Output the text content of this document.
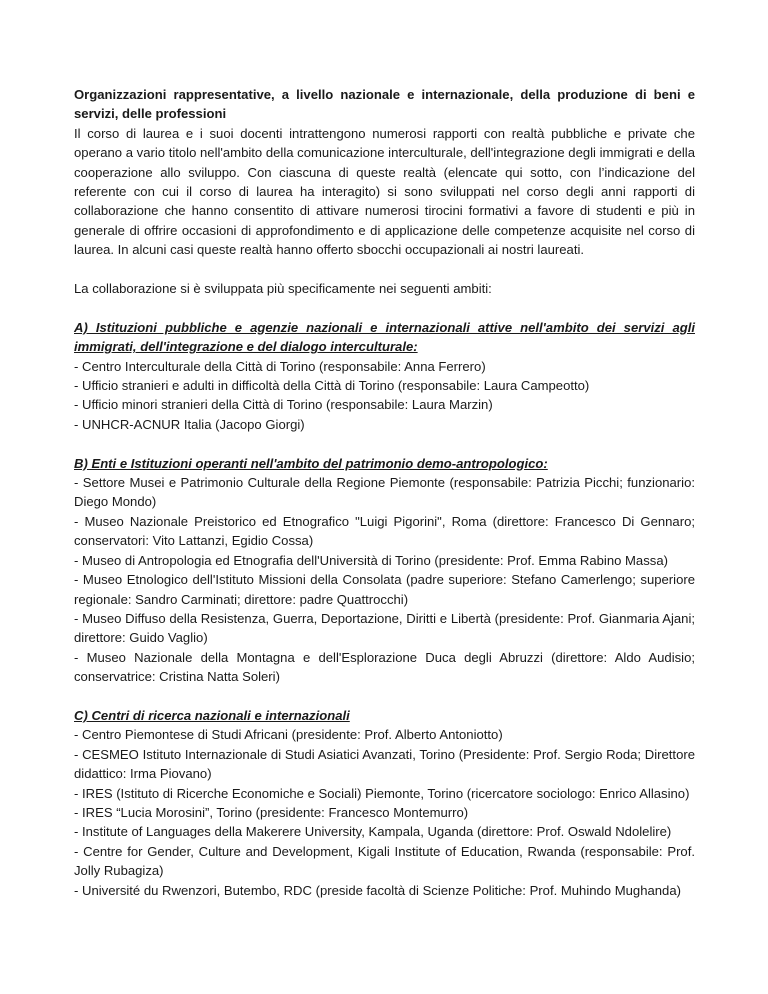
Organizzazioni rappresentative, a livello nazionale e internazionale, della produzione di beni e servizi, delle professioni

Il corso di laurea e i suoi docenti intrattengono numerosi rapporti con realtà pubbliche e private che operano a vario titolo nell'ambito della comunicazione interculturale, dell'integrazione degli immigrati e della cooperazione allo sviluppo. Con ciascuna di queste realtà (elencate qui sotto, con l’indicazione del referente con cui il corso di laurea ha interagito) si sono sviluppati nel corso degli anni rapporti di collaborazione che hanno consentito di attivare numerosi tirocini formativi a favore di studenti e più in generale di offrire occasioni di approfondimento e di applicazione delle competenze acquisite nel corso di laurea. In alcuni casi queste realtà hanno offerto sbocchi occupazionali ai nostri laureati.

La collaborazione si è sviluppata più specificamente nei seguenti ambiti:

A) Istituzioni pubbliche e agenzie nazionali e internazionali attive nell'ambito dei servizi agli immigrati, dell'integrazione e del dialogo interculturale:

- Centro Interculturale della Città di Torino (responsabile: Anna Ferrero)
- Ufficio stranieri e adulti in difficoltà della Città di Torino (responsabile: Laura Campeotto)
- Ufficio minori stranieri della Città di Torino (responsabile: Laura Marzin)
- UNHCR-ACNUR Italia (Jacopo Giorgi)

B) Enti e Istituzioni operanti nell'ambito del patrimonio demo-antropologico:

- Settore Musei e Patrimonio Culturale della Regione Piemonte (responsabile: Patrizia Picchi; funzionario: Diego Mondo)
- Museo Nazionale Preistorico ed Etnografico "Luigi Pigorini", Roma (direttore: Francesco Di Gennaro; conservatori: Vito Lattanzi, Egidio Cossa)
- Museo di Antropologia ed Etnografia dell'Università di Torino (presidente: Prof. Emma Rabino Massa)
- Museo Etnologico dell'Istituto Missioni della Consolata (padre superiore: Stefano Camerlengo; superiore regionale: Sandro Carminati; direttore: padre Quattrocchi)
- Museo Diffuso della Resistenza, Guerra, Deportazione, Diritti e Libertà (presidente: Prof. Gianmaria Ajani; direttore: Guido Vaglio)
- Museo Nazionale della Montagna e dell'Esplorazione Duca degli Abruzzi (direttore: Aldo Audisio; conservatrice: Cristina Natta Soleri)

C) Centri di ricerca nazionali e internazionali

- Centro Piemontese di Studi Africani (presidente: Prof. Alberto Antoniotto)
- CESMEO Istituto Internazionale di Studi Asiatici Avanzati, Torino (Presidente: Prof. Sergio Roda; Direttore didattico: Irma Piovano)
- IRES (Istituto di Ricerche Economiche e Sociali) Piemonte, Torino (ricercatore sociologo: Enrico Allasino)
- IRES “Lucia Morosini”, Torino (presidente: Francesco Montemurro)
- Institute of Languages della Makerere University, Kampala, Uganda (direttore: Prof. Oswald Ndolelire)
- Centre for Gender, Culture and Development, Kigali Institute of Education, Rwanda (responsabile: Prof. Jolly Rubagiza)
- Université du Rwenzori, Butembo, RDC (preside facoltà di Scienze Politiche: Prof. Muhindo Mughanda)
